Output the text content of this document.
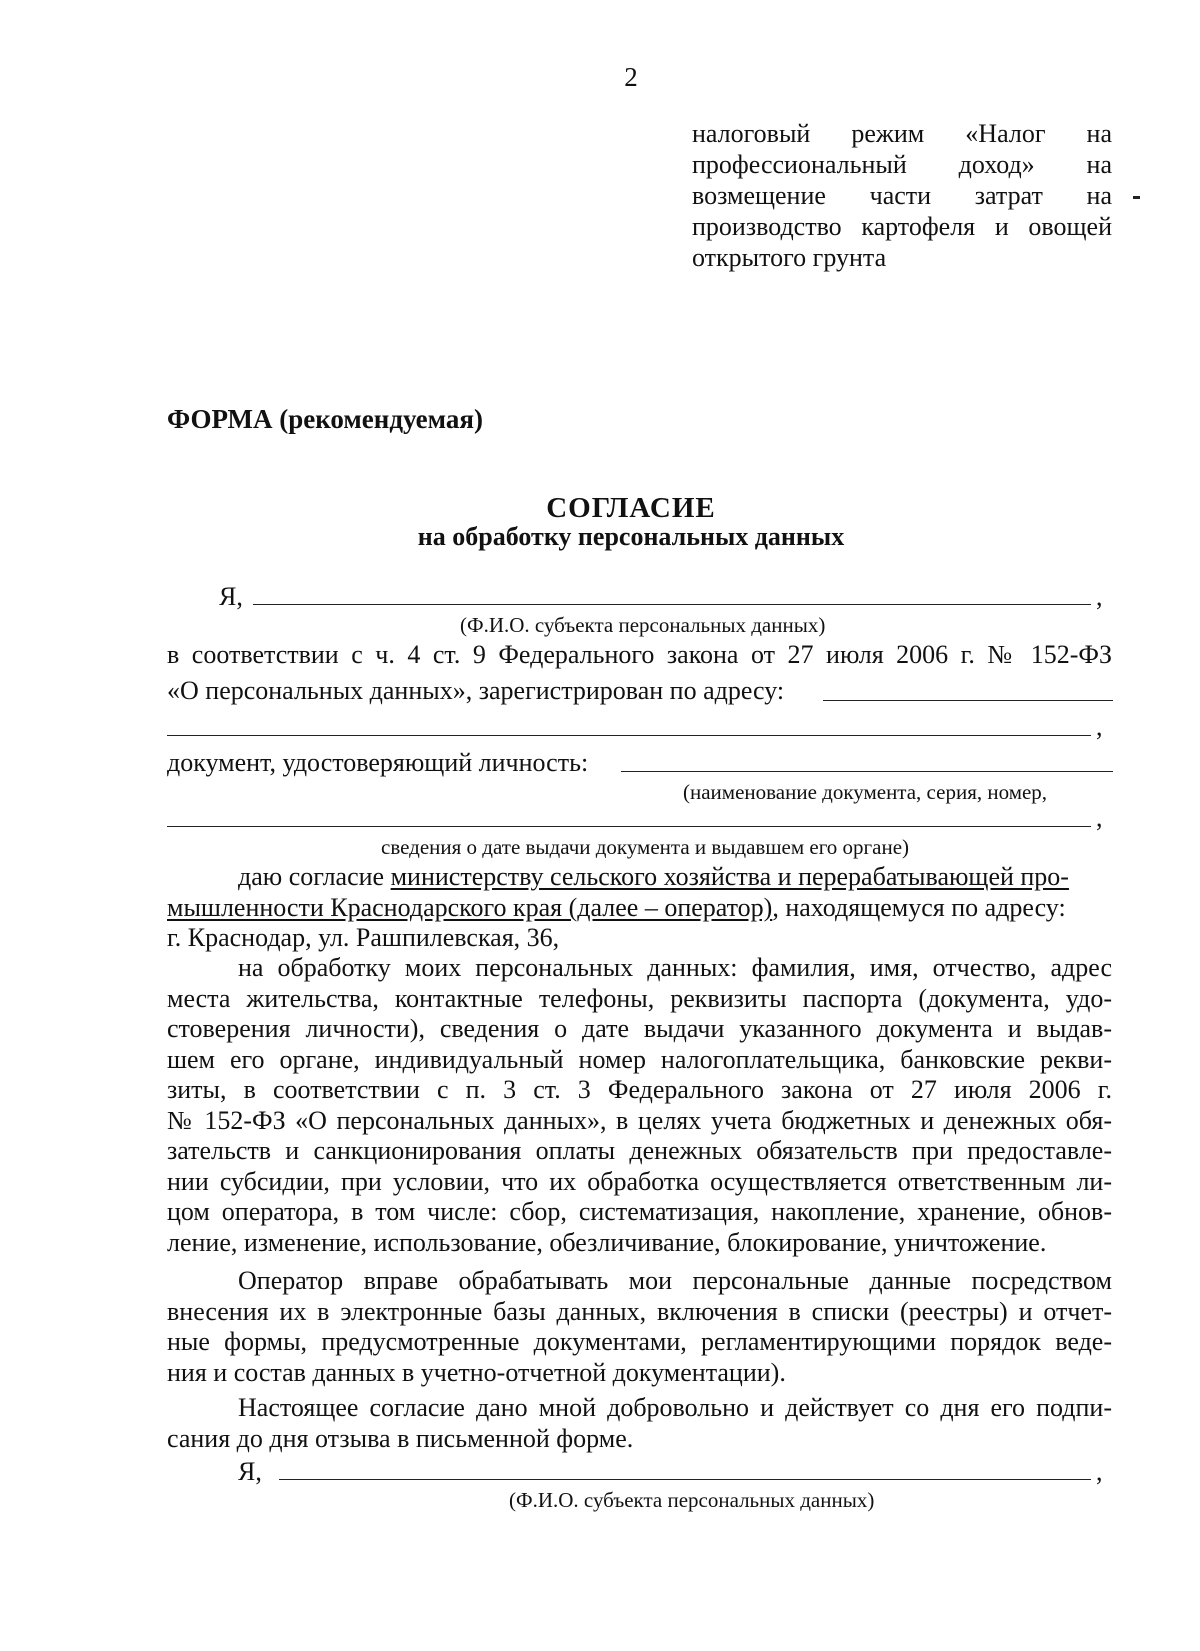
2
налоговый режим «Налог на
профессиональный доход» на
возмещение части затрат на
производство картофеля и овощей
открытого грунта
ФОРМА (рекомендуемая)
СОГЛАСИЕ
на обработку персональных данных
Я,	,
(Ф.И.О. субъекта персональных данных)
в соответствии с ч. 4 ст. 9 Федерального закона от 27 июля 2006 г. № 152-ФЗ
«О персональных данных», зарегистрирован по адресу:
,
документ, удостоверяющий личность:
(наименование документа, серия, номер,
,
сведения о дате выдачи документа и выдавшем его органе)
даю согласие министерству сельского хозяйства и перерабатывающей про-
мышленности Краснодарского края (далее – оператор), находящемуся по адресу:
г. Краснодар, ул. Рашпилевская, 36,
на обработку моих персональных данных: фамилия, имя, отчество, адрес
места жительства, контактные телефоны, реквизиты паспорта (документа, удо-
стоверения личности), сведения о дате выдачи указанного документа и выдав-
шем его органе, индивидуальный номер налогоплательщика, банковские рекви-
зиты, в соответствии с п. 3 ст. 3 Федерального закона от 27 июля 2006 г.
№ 152-ФЗ «О персональных данных», в целях учета бюджетных и денежных обя-
зательств и санкционирования оплаты денежных обязательств при предоставле-
нии субсидии, при условии, что их обработка осуществляется ответственным ли-
цом оператора, в том числе: сбор, систематизация, накопление, хранение, обнов-
ление, изменение, использование, обезличивание, блокирование, уничтожение.
Оператор вправе обрабатывать мои персональные данные посредством
внесения их в электронные базы данных, включения в списки (реестры) и отчет-
ные формы, предусмотренные документами, регламентирующими порядок веде-
ния и состав данных в учетно-отчетной документации).
Настоящее согласие дано мной добровольно и действует со дня его подпи-
сания до дня отзыва в письменной форме.
Я,	,
(Ф.И.О. субъекта персональных данных)
